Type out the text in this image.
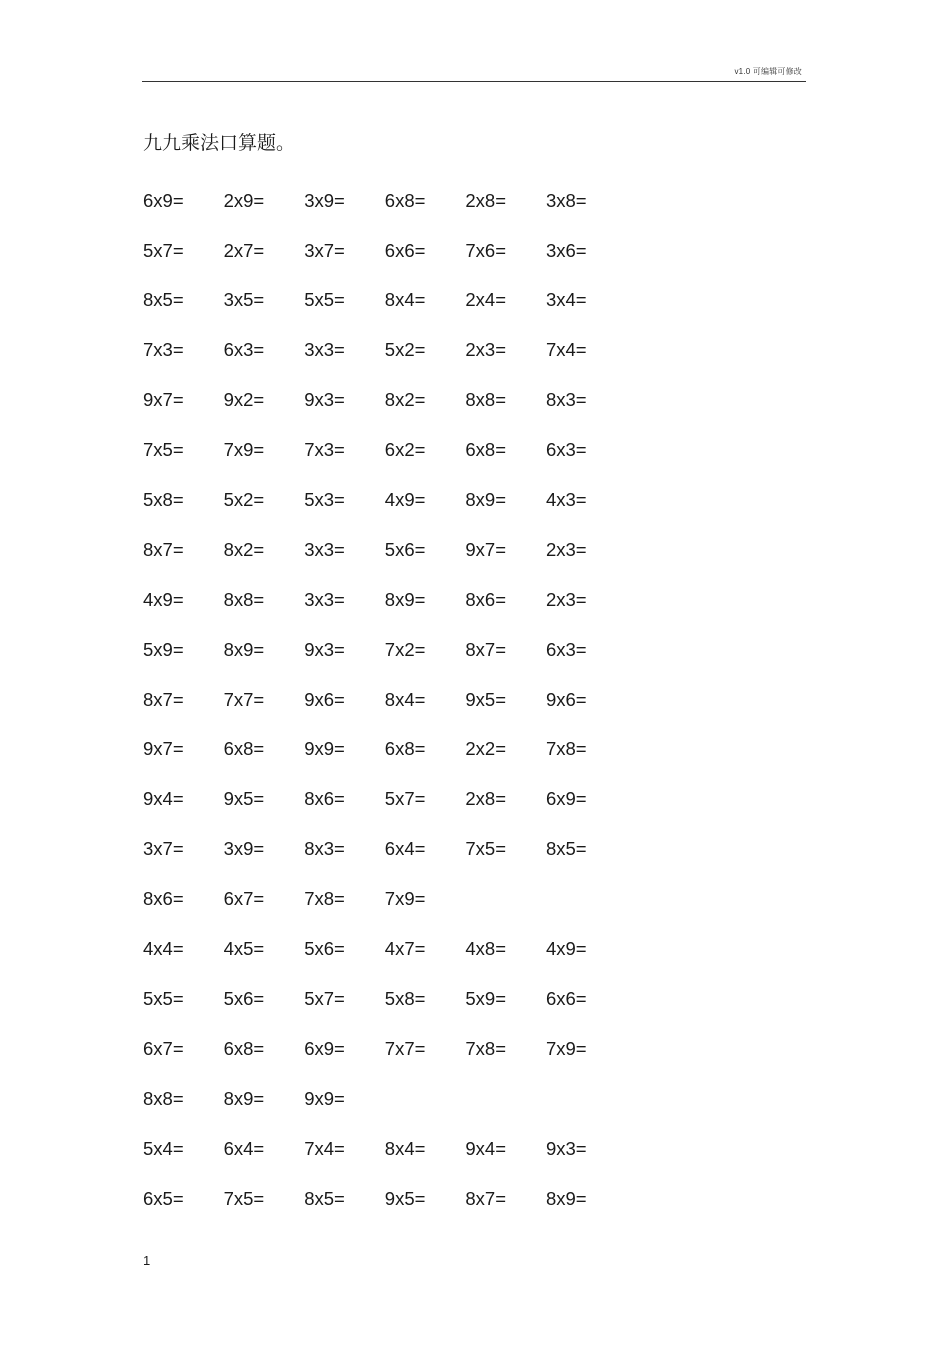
v1.0 可编辑可修改
九九乘法口算题。
6x9=	2x9=	3x9=	6x8=	2x8=	3x8=
5x7=	2x7=	3x7=	6x6=	7x6=	3x6=
8x5=	3x5=	5x5=	8x4=	2x4=	3x4=
7x3=	6x3=	3x3=	5x2=	2x3=	7x4=
9x7=	9x2=	9x3=	8x2=	8x8=	8x3=
7x5=	7x9=	7x3=	6x2=	6x8=	6x3=
5x8=	5x2=	5x3=	4x9=	8x9=	4x3=
8x7=	8x2=	3x3=	5x6=	9x7=	2x3=
4x9=	8x8=	3x3=	8x9=	8x6=	2x3=
5x9=	8x9=	9x3=	7x2=	8x7=	6x3=
8x7=	7x7=	9x6=	8x4=	9x5=	9x6=
9x7=	6x8=	9x9=	6x8=	2x2=	7x8=
9x4=	9x5=	8x6=	5x7=	2x8=	6x9=
3x7=	3x9=	8x3=	6x4=	7x5=	8x5=
8x6=	6x7=	7x8=	7x9=
4x4=	4x5=	5x6=	4x7=	4x8=	4x9=
5x5=	5x6=	5x7=	5x8=	5x9=	6x6=
6x7=	6x8=	6x9=	7x7=	7x8=	7x9=
8x8=	8x9=	9x9=
5x4=	6x4=	7x4=	8x4=	9x4=	9x3=
6x5=	7x5=	8x5=	9x5=	8x7=	8x9=
1
